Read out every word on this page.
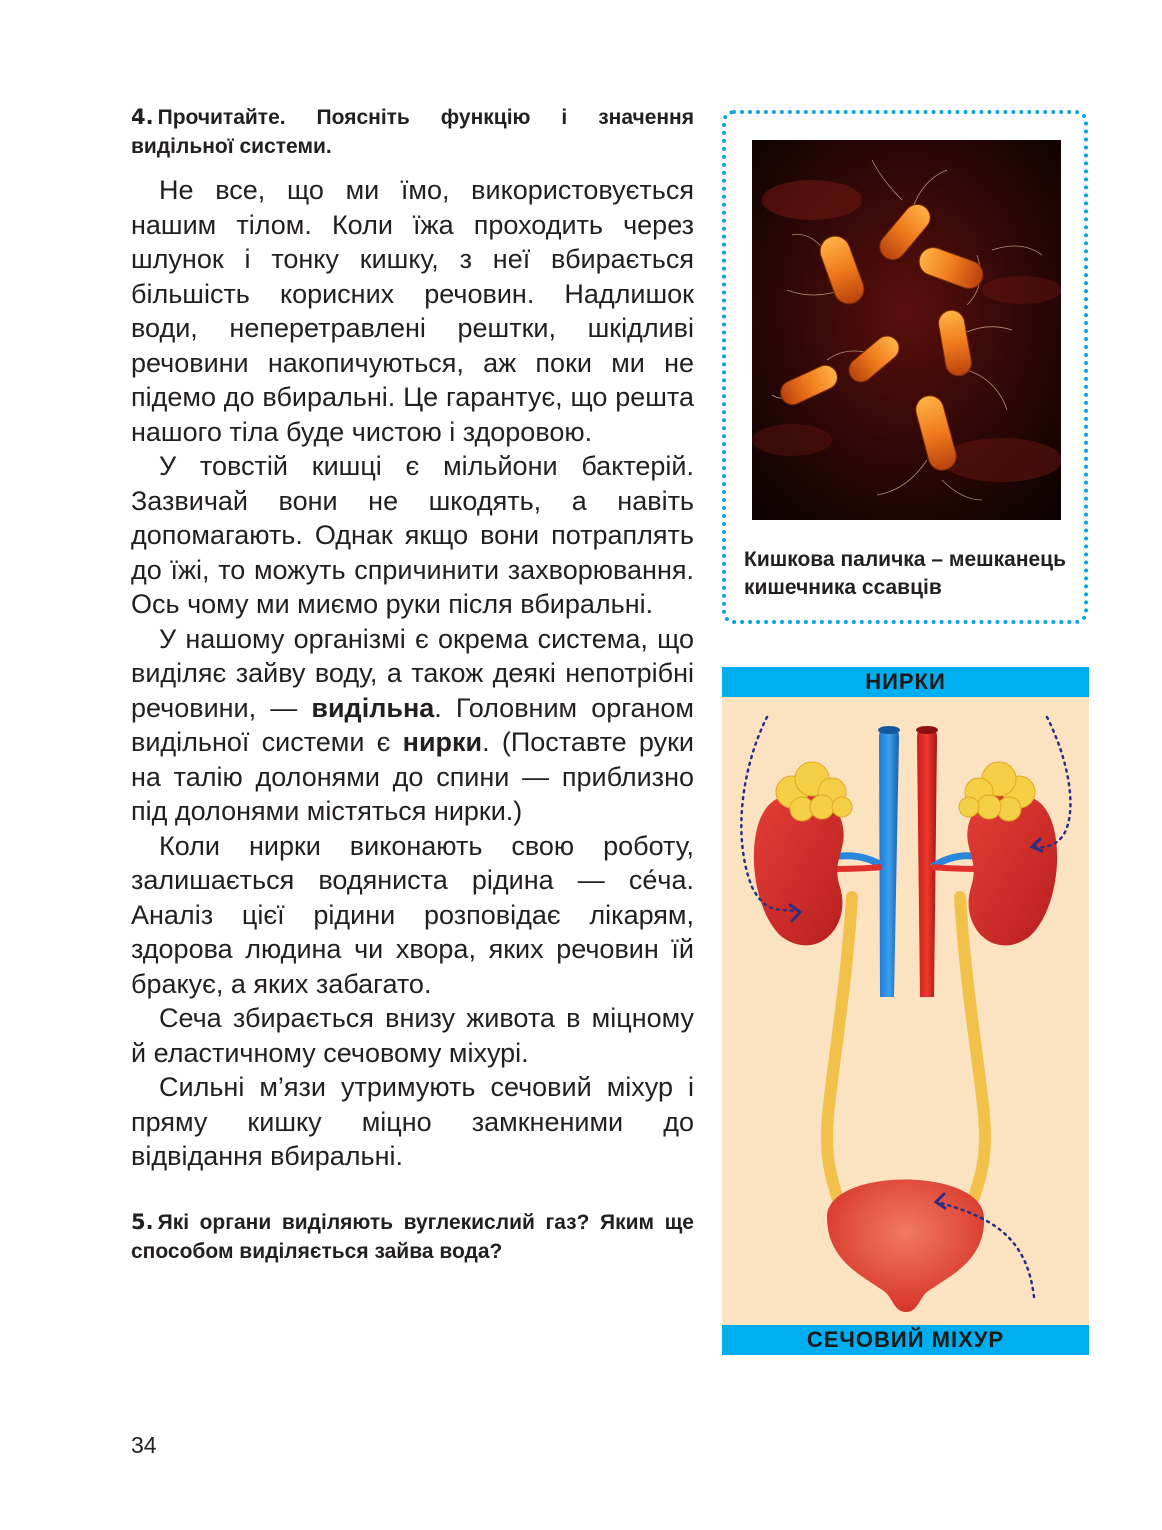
4. Прочитайте. Поясніть функцію і значення видільної системи.

Не все, що ми їмо, використовується нашим тілом. Коли їжа проходить через шлунок і тонку кишку, з неї вбирається більшість корисних речовин. Надлишок води, неперетравлені рештки, шкідливі речовини накопичуються, аж поки ми не підемо до вбиральні. Це гарантує, що решта нашого тіла буде чистою і здоровою.

У товстій кишці є мільйони бактерій. Зазвичай вони не шкодять, а навіть допомагають. Однак якщо вони потраплять до їжі, то можуть спричинити захворювання. Ось чому ми миємо руки після вбиральні.

У нашому організмі є окрема система, що виділяє зайву воду, а також деякі непотрібні речовини, — видільна. Головним органом видільної системи є нирки. (Поставте руки на талію долонями до спини — приблизно під долонями містяться нирки.)

Коли нирки виконають свою роботу, залишається водяниста рідина — се́ча. Аналіз цієї рідини розповідає лікарям, здорова людина чи хвора, яких речовин їй бракує, а яких забагато.

Сеча збирається внизу живота в міцному й еластичному сечовому міхурі.

Сильні м’язи утримують сечовий міхур і пряму кишку міцно замкненими до відвідання вбиральні.

5. Які органи виділяють вуглекислий газ? Яким ще способом виділяється зайва вода?

34
Кишкова паличка – мешканець кишечника ссавців
НИРКИ
СЕЧОВИЙ МІХУР
